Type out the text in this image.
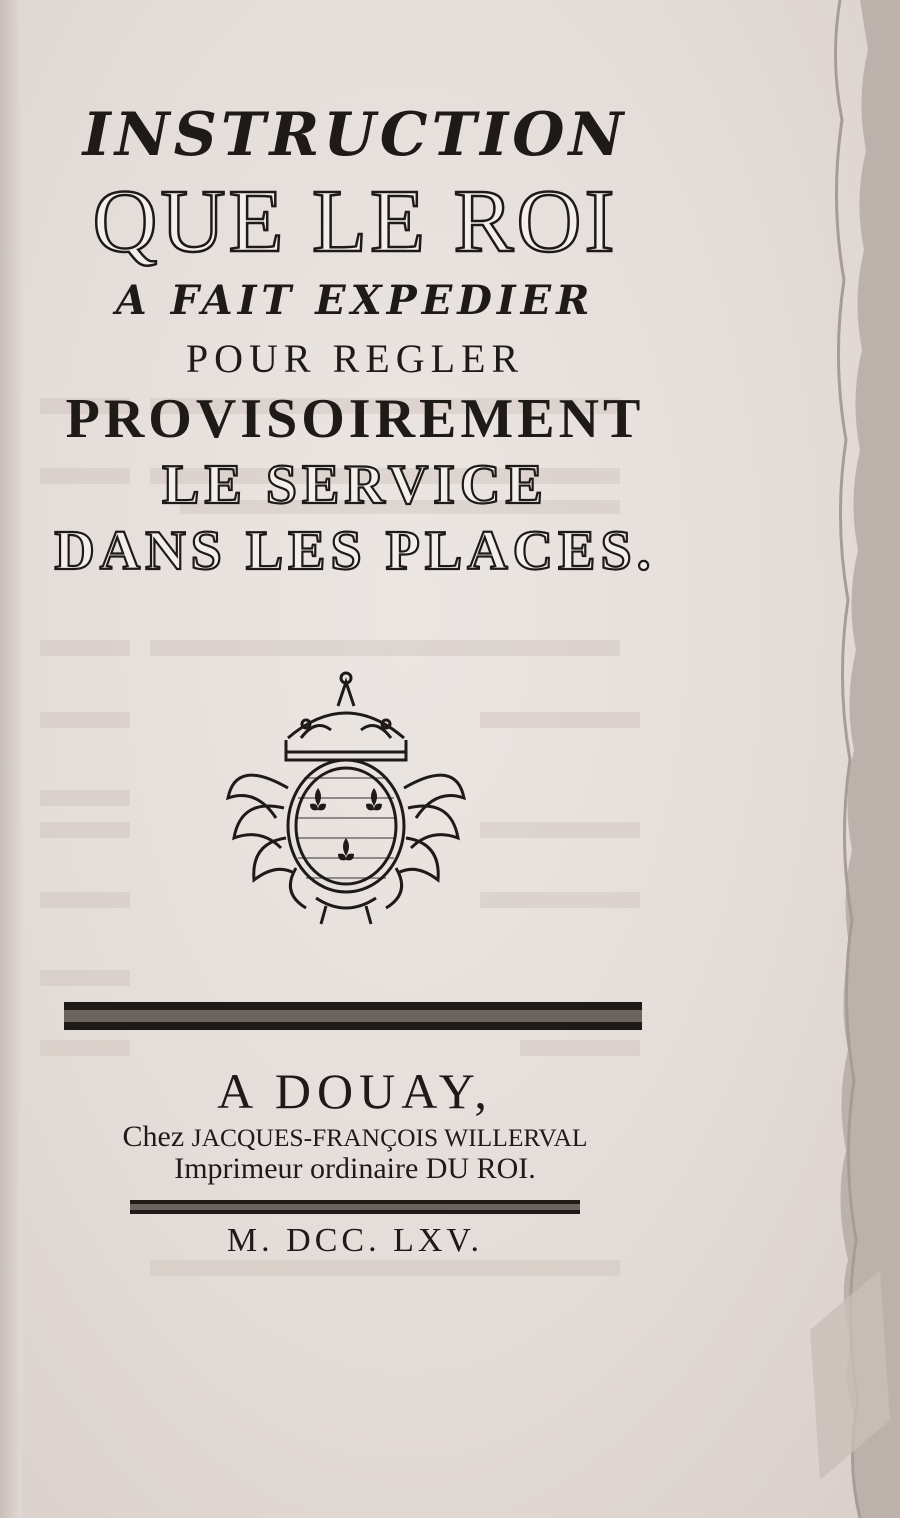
INSTRUCTION

QUE LE ROI

A FAIT EXPEDIER

POUR REGLER

PROVISOIREMENT

LE SERVICE

DANS LES PLACES.

A DOUAY,

Chez JACQUES-FRANÇOIS WILLERVAL

Imprimeur ordinaire DU ROI.

M. DCC. LXV.
